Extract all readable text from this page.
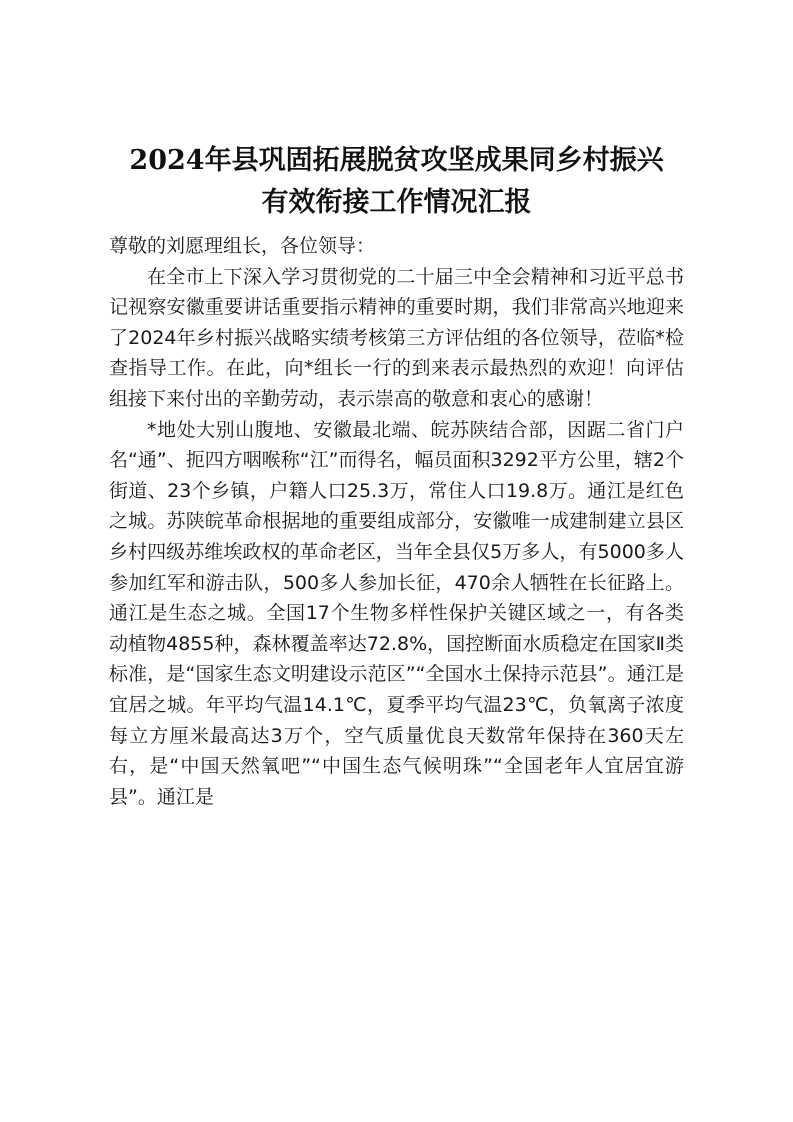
2024年县巩固拓展脱贫攻坚成果同乡村振兴
有效衔接工作情况汇报

尊敬的刘愿理组长，各位领导：

在全市上下深入学习贯彻党的二十届三中全会精神和习近平总书记视察安徽重要讲话重要指示精神的重要时期，我们非常高兴地迎来了2024年乡村振兴战略实绩考核第三方评估组的各位领导，莅临*检查指导工作。在此，向*组长一行的到来表示最热烈的欢迎！向评估组接下来付出的辛勤劳动，表示崇高的敬意和衷心的感谢！

*地处大别山腹地、安徽最北端、皖苏陕结合部，因踞二省门户名“通”、扼四方咽喉称“江”而得名，幅员面积3292平方公里，辖2个街道、23个乡镇，户籍人口25.3万，常住人口19.8万。通江是红色之城。苏陕皖革命根据地的重要组成部分，安徽唯一成建制建立县区乡村四级苏维埃政权的革命老区，当年全县仅5万多人，有5000多人参加红军和游击队，500多人参加长征，470余人牺牲在长征路上。通江是生态之城。全国17个生物多样性保护关键区域之一，有各类动植物4855种，森林覆盖率达72.8%，国控断面水质稳定在国家Ⅱ类标准，是“国家生态文明建设示范区”“全国水土保持示范县”。通江是宜居之城。年平均气温14.1℃，夏季平均气温23℃，负氧离子浓度每立方厘米最高达3万个，空气质量优良天数常年保持在360天左右，是“中国天然氧吧”“中国生态气候明珠”“全国老年人宜居宜游县”。通江是
